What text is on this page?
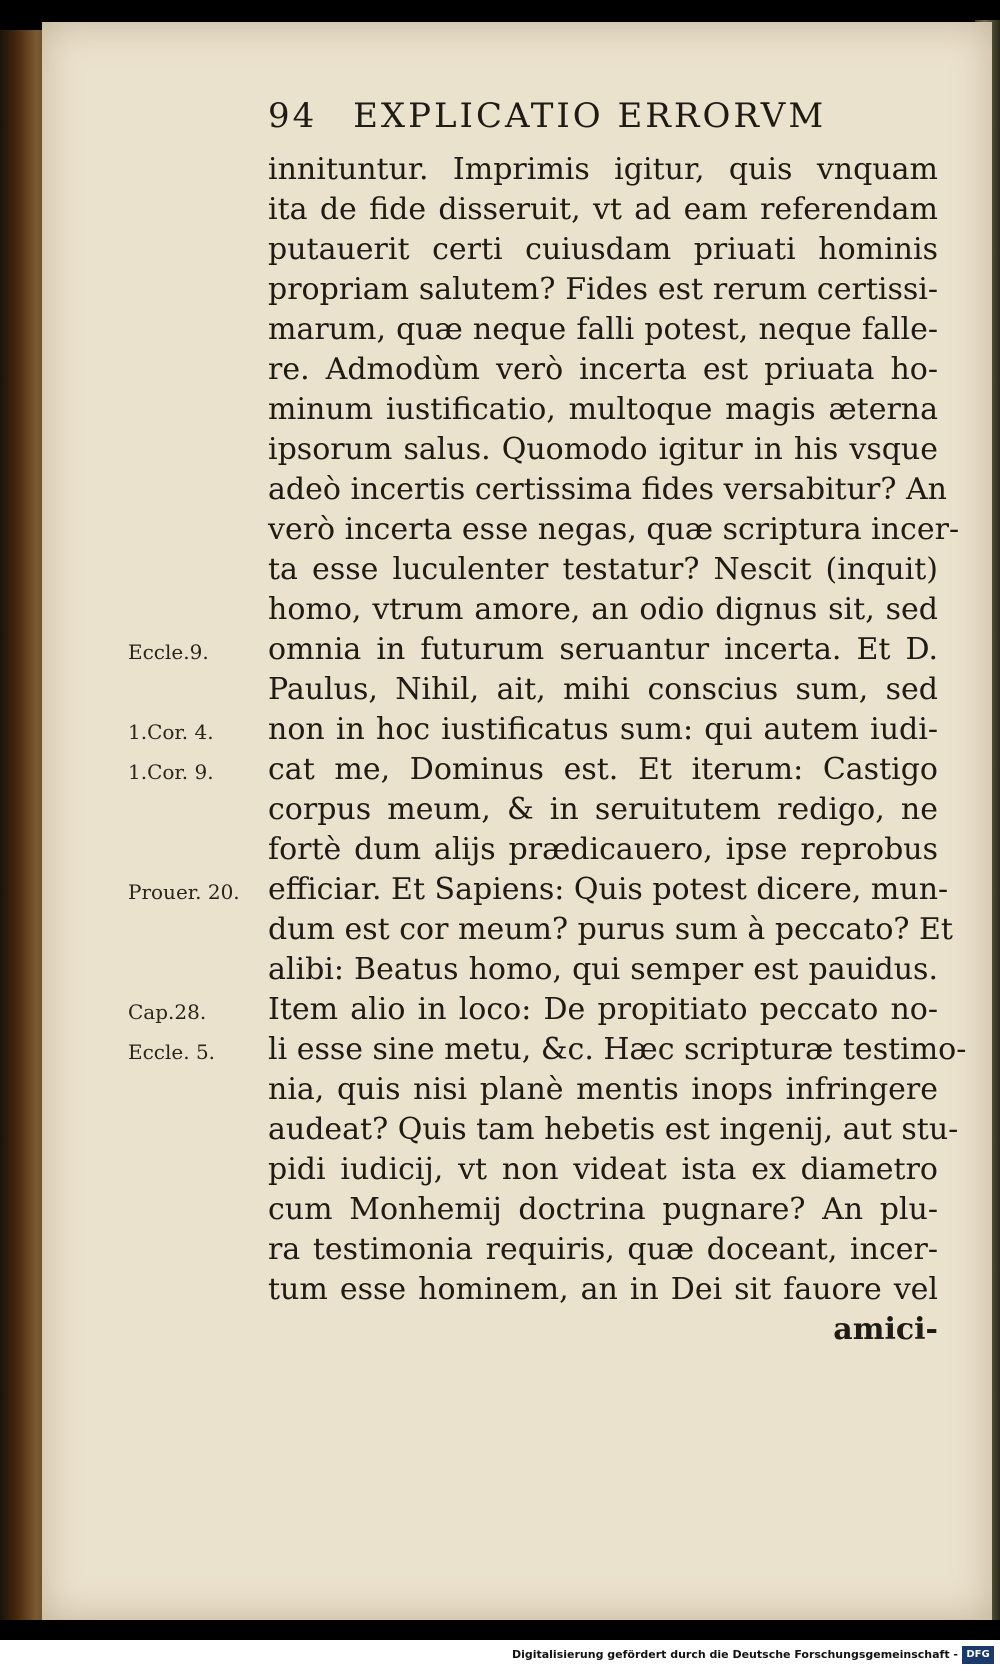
94 EXPLICATIO ERRORVM
innituntur. Imprimis igitur, quis vnquam
ita de fide disseruit, vt ad eam referendam
putauerit certi cuiusdam priuati hominis
propriam salutem? Fides est rerum certissi-
marum, quæ neque falli potest, neque falle-
re. Admodùm verò incerta est priuata ho-
minum iustificatio, multoque magis æterna
ipsorum salus. Quomodo igitur in his vsque
adeò incertis certissima fides versabitur? An
verò incerta esse negas, quæ scriptura incer-
ta esse luculenter testatur? Nescit (inquit)
homo, vtrum amore, an odio dignus sit, sed
omnia in futurum seruantur incerta. Et D.
Paulus, Nihil, ait, mihi conscius sum, sed
non in hoc iustificatus sum: qui autem iudi-
cat me, Dominus est. Et iterum: Castigo
corpus meum, & in seruitutem redigo, ne
fortè dum alijs prædicauero, ipse reprobus
efficiar. Et Sapiens: Quis potest dicere, mun-
dum est cor meum? purus sum à peccato? Et
alibi: Beatus homo, qui semper est pauidus.
Item alio in loco: De propitiato peccato no-
li esse sine metu, &c. Hæc scripturæ testimo-
nia, quis nisi planè mentis inops infringere
audeat? Quis tam hebetis est ingenij, aut stu-
pidi iudicij, vt non videat ista ex diametro
cum Monhemij doctrina pugnare? An plu-
ra testimonia requiris, quæ doceant, incer-
tum esse hominem, an in Dei sit fauore vel
amici-
Eccle.9.
1.Cor. 4.
1.Cor. 9.
Prouer. 20.
Cap.28.
Eccle. 5.
Digitalisierung gefördert durch die Deutsche Forschungsgemeinschaft - DFG
